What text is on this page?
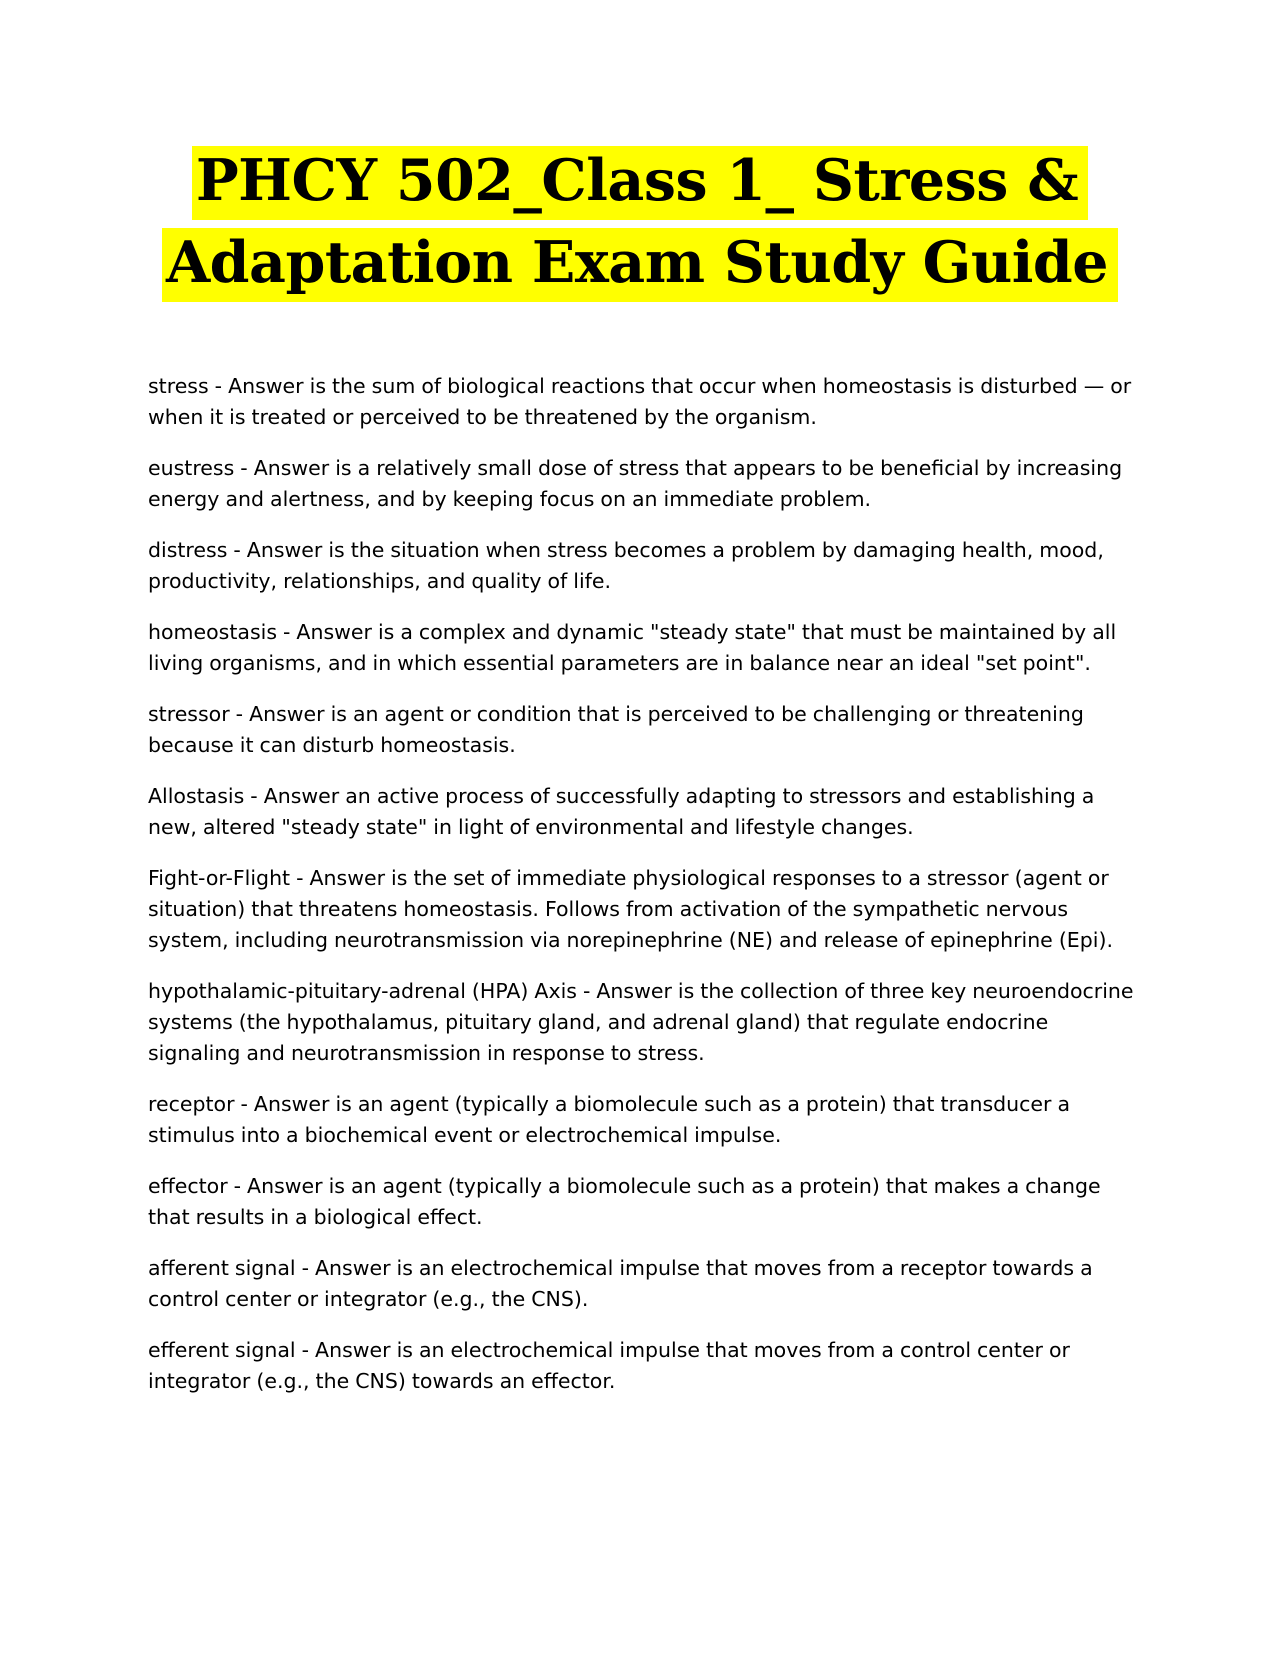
PHCY 502_Class 1_ Stress &
Adaptation Exam Study Guide

stress - Answer is the sum of biological reactions that occur when homeostasis is disturbed — or when it is treated or perceived to be threatened by the organism.

eustress - Answer is a relatively small dose of stress that appears to be beneficial by increasing energy and alertness, and by keeping focus on an immediate problem.

distress - Answer is the situation when stress becomes a problem by damaging health, mood, productivity, relationships, and quality of life.

homeostasis - Answer is a complex and dynamic "steady state" that must be maintained by all living organisms, and in which essential parameters are in balance near an ideal "set point".

stressor - Answer is an agent or condition that is perceived to be challenging or threatening because it can disturb homeostasis.

Allostasis - Answer an active process of successfully adapting to stressors and establishing a new, altered "steady state" in light of environmental and lifestyle changes.

Fight-or-Flight - Answer is the set of immediate physiological responses to a stressor (agent or situation) that threatens homeostasis. Follows from activation of the sympathetic nervous system, including neurotransmission via norepinephrine (NE) and release of epinephrine (Epi).

hypothalamic-pituitary-adrenal (HPA) Axis - Answer is the collection of three key neuroendocrine systems (the hypothalamus, pituitary gland, and adrenal gland) that regulate endocrine signaling and neurotransmission in response to stress.

receptor - Answer is an agent (typically a biomolecule such as a protein) that transducer a stimulus into a biochemical event or electrochemical impulse.

effector - Answer is an agent (typically a biomolecule such as a protein) that makes a change that results in a biological effect.

afferent signal - Answer is an electrochemical impulse that moves from a receptor towards a control center or integrator (e.g., the CNS).

efferent signal - Answer is an electrochemical impulse that moves from a control center or integrator (e.g., the CNS) towards an effector.
